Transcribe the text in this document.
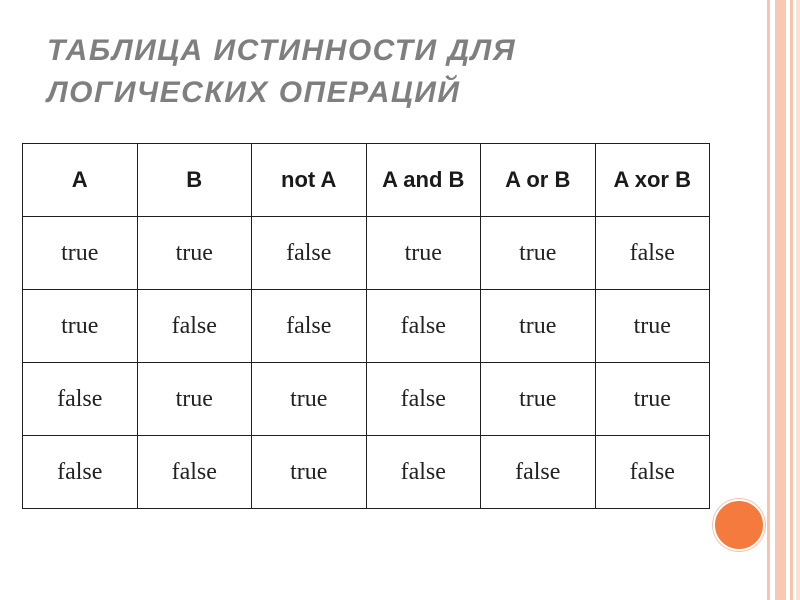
ТАБЛИЦА ИСТИННОСТИ ДЛЯ
ЛОГИЧЕСКИХ ОПЕРАЦИЙ
A	B	not A	A and B	A or B	A xor B
true	true	false	true	true	false
true	false	false	false	true	true
false	true	true	false	true	true
false	false	true	false	false	false
